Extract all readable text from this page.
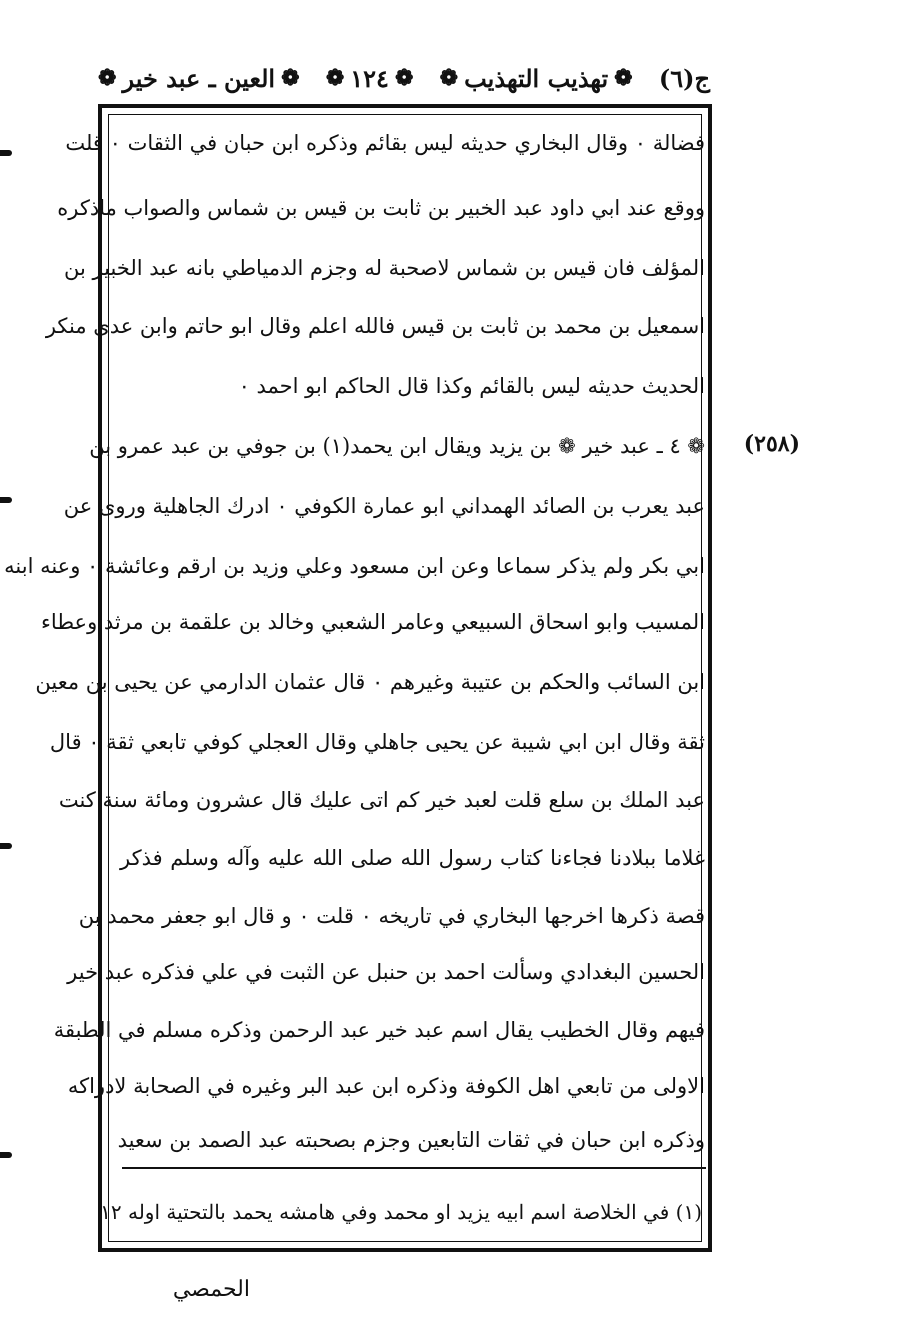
ج(٦)
❁
تهذيب التهذيب
❁
❁
١٢٤
❁
❁
العين ـ عبد خير
❁
(٢٥٨)
فضالة ٠ وقال البخاري حديثه ليس بقائم وذكره ابن حبان في الثقات ٠ قلت
ووقع عند ابي داود عبد الخبير بن ثابت بن قيس بن شماس والصواب ماذكره
المؤلف فان قيس بن شماس لاصحبة له وجزم الدمياطي بانه عبد الخبير بن
اسمعيل بن محمد بن ثابت بن قيس فالله اعلم وقال ابو حاتم وابن عدى منكر
الحديث حديثه ليس بالقائم وكذا قال الحاكم ابو احمد ٠
❁ ٤ ـ عبد خير ❁ بن يزيد ويقال ابن يحمد(١) بن جوفي بن عبد عمرو بن
عبد يعرب بن الصائد الهمداني ابو عمارة الكوفي ٠ ادرك الجاهلية وروى عن
ابي بكر ولم يذكر سماعا وعن ابن مسعود وعلي وزيد بن ارقم وعائشة ٠ وعنه ابنه
المسيب وابو اسحاق السبيعي وعامر الشعبي وخالد بن علقمة بن مرثد وعطاء
ابن السائب والحكم بن عتيبة وغيرهم ٠ قال عثمان الدارمي عن يحيى بن معين
ثقة وقال ابن ابي شيبة عن يحيى جاهلي وقال العجلي كوفي تابعي ثقة ٠ قال
عبد الملك بن سلع قلت لعبد خير كم اتى عليك قال عشرون ومائة سنة كنت
غلاما ببلادنا فجاءنا كتاب رسول الله صلى الله عليه وآله وسلم فذكر
قصة ذكرها اخرجها البخاري في تاريخه ٠ قلت ٠ و قال ابو جعفر محمد بن
الحسين البغدادي وسألت احمد بن حنبل عن الثبت في علي فذكره عبد خير
فيهم وقال الخطيب يقال اسم عبد خير عبد الرحمن وذكره مسلم في الطبقة
الاولى من تابعي اهل الكوفة وذكره ابن عبد البر وغيره في الصحابة لادراكه
وذكره ابن حبان في ثقات التابعين وجزم بصحبته عبد الصمد بن سعيد
(١) في الخلاصة اسم ابيه يزيد او محمد وفي هامشه يحمد بالتحتية اوله ١٢
الحمصي
